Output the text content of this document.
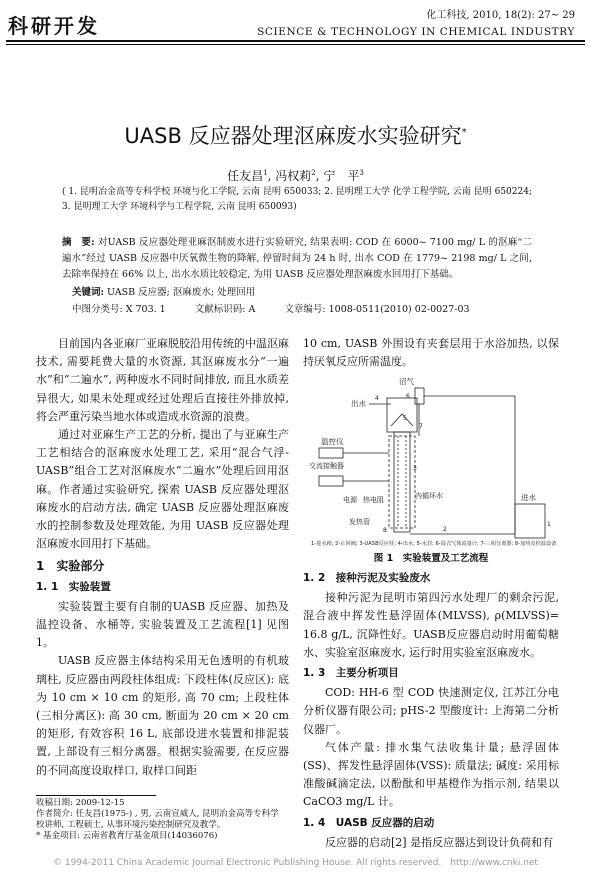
科研开发	化工科技, 2010, 18(2): 27~ 29
SCIENCE & TECHNOLOGY IN CHEMICAL INDUSTRY
UASB 反应器处理沤麻废水实验研究*
任友昌$^1$, 冯权莉$^2$, 宁　平$^3$
( 1. 昆明冶金高等专科学校 环境与化工学院, 云南 昆明 650033; 2. 昆明理工大学 化学工程学院, 云南 昆明 650224; 3. 昆明理工大学 环境科学与工程学院, 云南 昆明 650093)
摘　要: 对UASB 反应器处理亚麻沤制废水进行实验研究, 结果表明: COD 在 6000~ 7100 mg/ L 的沤麻“二遍水”经过 UASB 反应器中厌氧微生物的降解, 停留时间为 24 h 时, 出水 COD 在 1779~ 2198 mg/ L 之间, 去除率保持在 66% 以上, 出水水质比较稳定, 为用 UASB 反应器处理沤麻废水回用打下基础。
关键词: UASB 反应器; 沤麻废水; 处理回用
中图分类号: X 703. 1	文献标识码: A	文章编号: 1008-0511(2010) 02-0027-03

目前国内各亚麻厂亚麻脱胶沿用传统的中温沤麻技术, 需要耗费大量的水资源, 其沤麻废水分“一遍水”和“二遍水”, 两种废水不同时间排放, 而且水质差异很大, 如果未处理或经过处理后直接往外排放掉, 将会严重污染当地水体或造成水资源的浪费。

通过对亚麻生产工艺的分析, 提出了与亚麻生产工艺相结合的沤麻废水处理工艺, 采用“混合气浮-UASB”组合工艺对沤麻废水“二遍水”处理后回用沤麻。作者通过实验研究, 探索 UASB 反应器处理沤麻废水的启动方法, 确定 UASB 反应器处理沤麻废水的控制参数及处理效能, 为用 UASB 反应器处理沤麻废水回用打下基础。

1　实验部分
1. 1　实验装置

实验装置主要有自制的UASB 反应器、加热及温控设备、水桶等, 实验装置及工艺流程[1] 见图 1。

UASB 反应器主体结构采用无色透明的有机玻璃柱, 反应器由两段柱体组成: 下段柱体(反应区): 底为 10 cm × 10 cm 的矩形, 高 70 cm; 上段柱体(三相分离区): 高 30 cm, 断面为 20 cm × 20 cm 的矩形, 有效容积 16 L, 底部设进水装置和排泥装置, 上部设有三相分离器。根据实验需要, 在反应器的不同高度设取样口, 取样口间距

收稿日期: 2009-12-15
作者简介: 任友昌(1975-) , 男, 云南宣威人, 昆明冶金高等专科学校讲师, 工程硕士, 从事环境污染控制研究及教学。
* 基金项目: 云南省教育厅基金项目(14036076)

10 cm, UASB 外围设有夹套层用于水浴加热, 以保持厌氧反应所需温度。

沼气
6
出水
4
5
7
3
温控仪
交流接触器
内循环水
电源 热电阻
发热管
8	2
进水
1
1-进水箱; 2-止回阀; 3-UASB反应柱; 4-出水; 5-水封; 6-湿式气体流量计; 7-三相分离器; 8-加热及控温设备
图 1　实验装置及工艺流程
1. 2　接种污泥及实验废水

接种污泥为昆明市第四污水处理厂的剩余污泥, 混合液中挥发性悬浮固体(MLVSS), ρ(MLVSS)= 16.8 g/L, 沉降性好。UASB反应器启动时用葡萄糖水、实验室沤麻废水, 运行时用实验室沤麻废水。

1. 3　主要分析项目

COD: HH-6 型 COD 快速测定仪, 江苏江分电分析仪器有限公司; pHS-2 型酸度计: 上海第二分析仪器厂。

气体产量: 排水集气法收集计量; 悬浮固体(SS)、挥发性悬浮固体(VSS): 质量法; 碱度: 采用标准酸碱滴定法, 以酚酞和甲基橙作为指示剂, 结果以 CaCO3 mg/L 计。

1. 4　UASB 反应器的启动

反应器的启动[2] 是指反应器达到设计负荷和有

© 1994-2011 China Academic Journal Electronic Publishing House. All rights reserved.　http://www.cnki.net
